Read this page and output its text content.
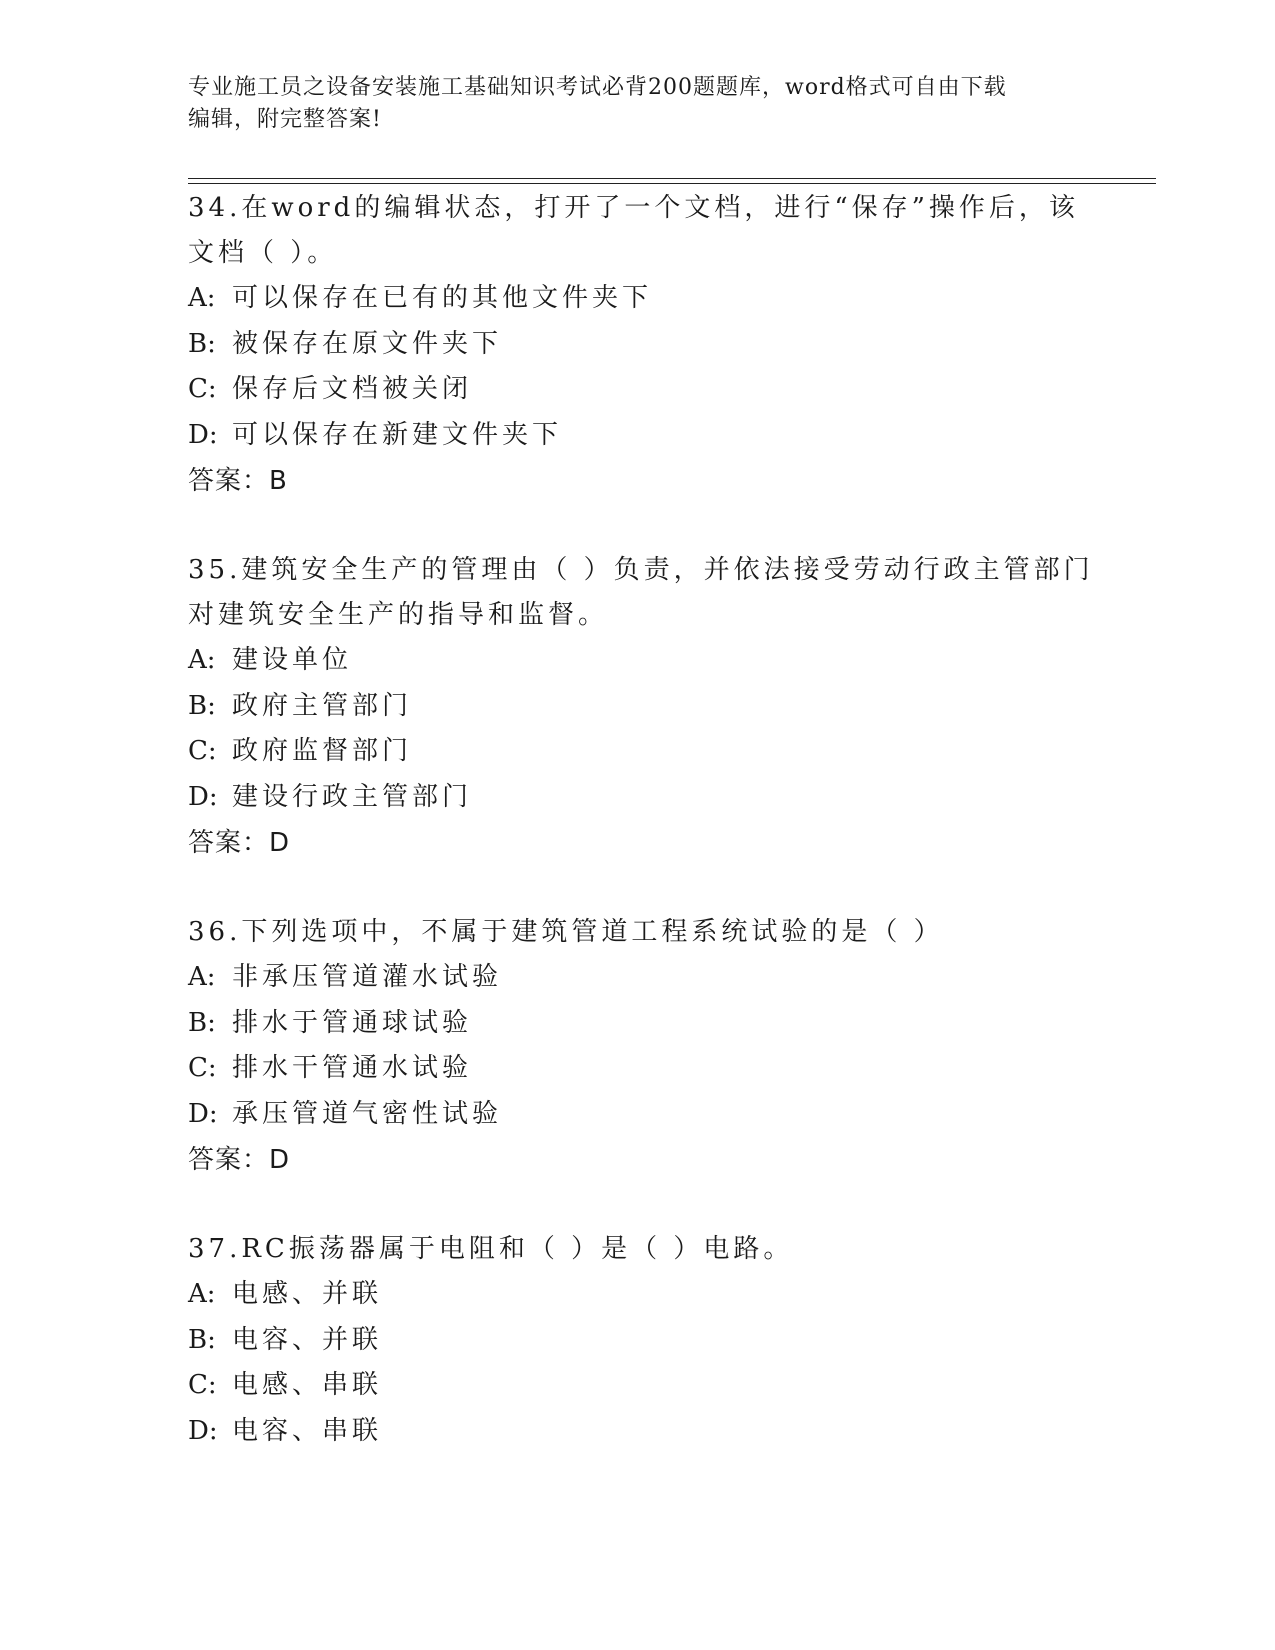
专业施工员之设备安装施工基础知识考试必背200题题库，word格式可自由下载
编辑，附完整答案!
34.在word的编辑状态，打开了一个文档，进行“保存”操作后，该
文档（ ）。
A: 可以保存在已有的其他文件夹下
B: 被保存在原文件夹下
C: 保存后文档被关闭
D: 可以保存在新建文件夹下
答案：B
35.建筑安全生产的管理由（ ）负责，并依法接受劳动行政主管部门
对建筑安全生产的指导和监督。
A: 建设单位
B: 政府主管部门
C: 政府监督部门
D: 建设行政主管部门
答案：D
36.下列选项中，不属于建筑管道工程系统试验的是（ ）
A: 非承压管道灌水试验
B: 排水于管通球试验
C: 排水干管通水试验
D: 承压管道气密性试验
答案：D
37.RC振荡器属于电阻和（ ）是（ ）电路。
A: 电感、并联
B: 电容、并联
C: 电感、串联
D: 电容、串联
